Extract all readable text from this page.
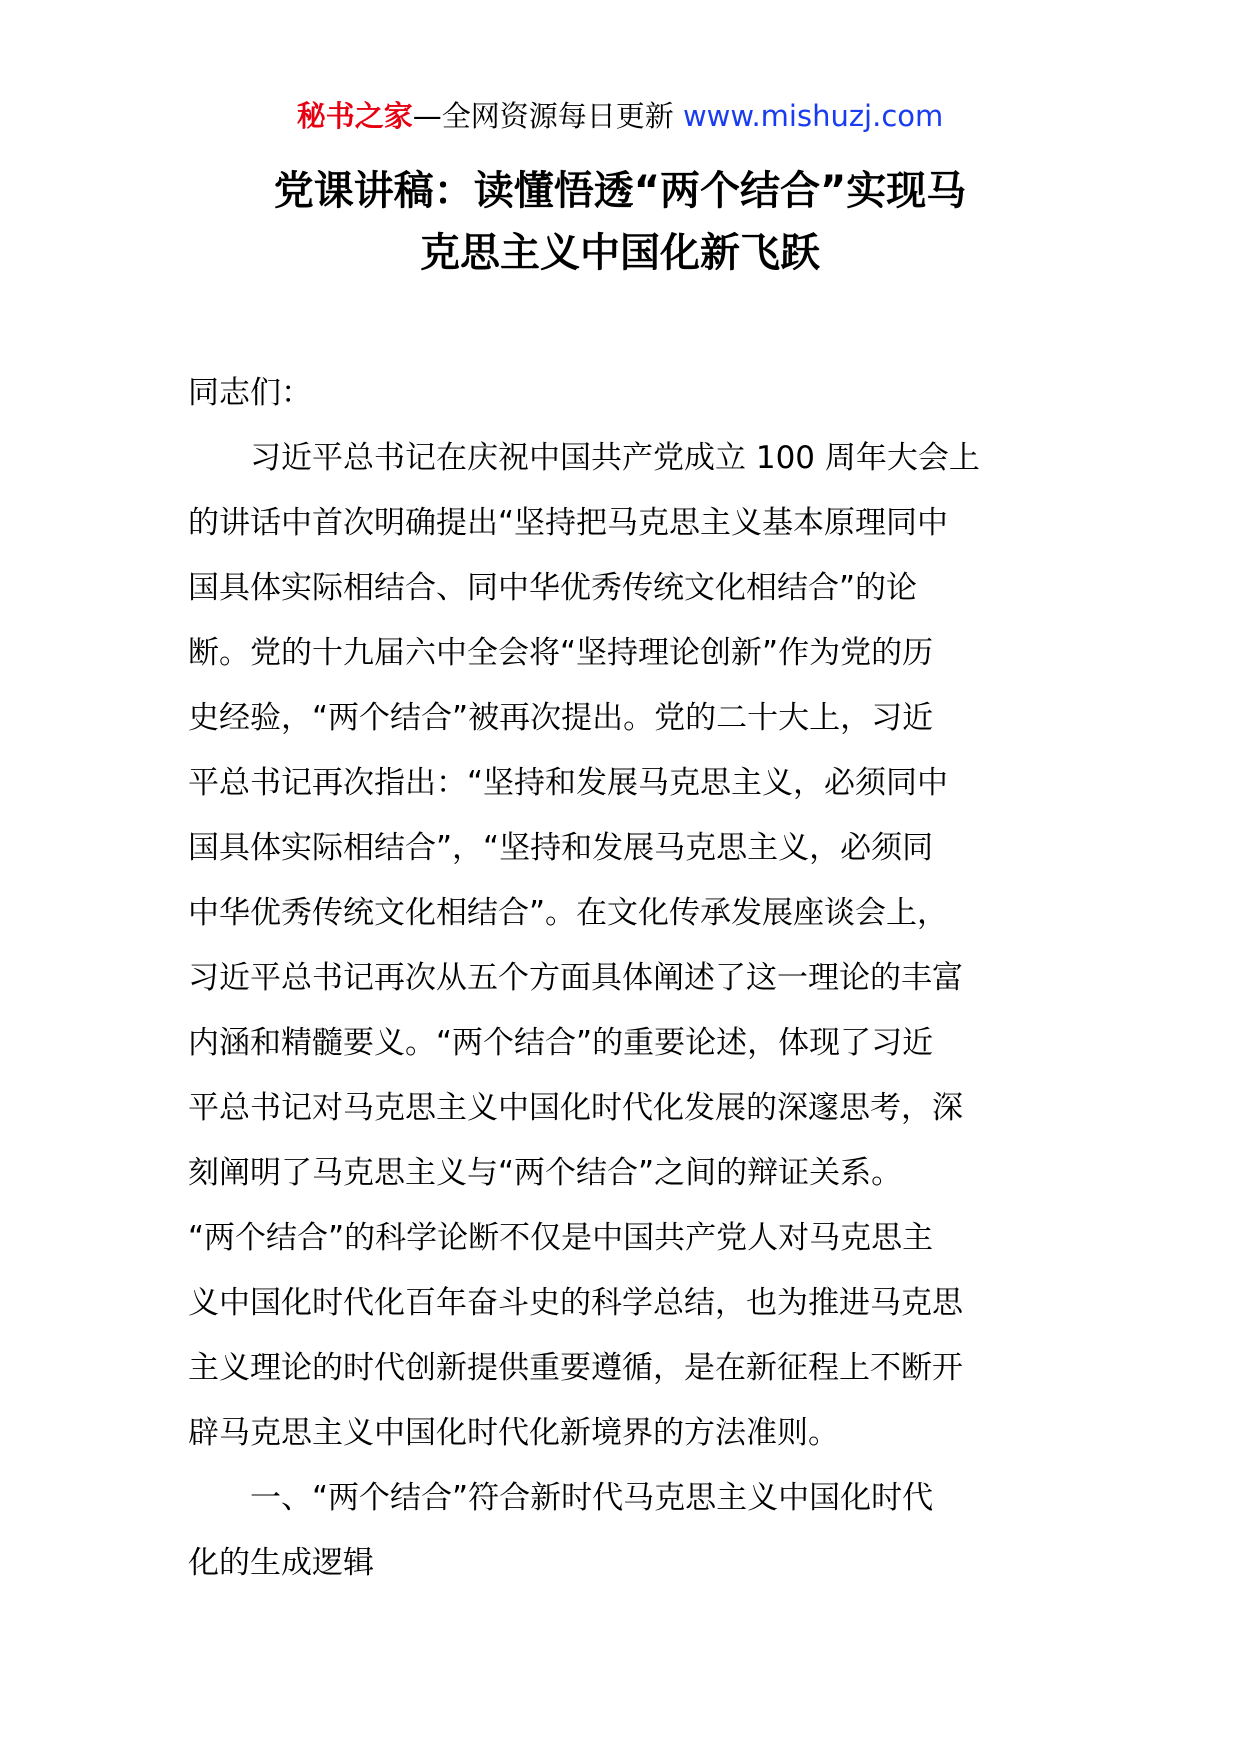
秘书之家—全网资源每日更新 www.mishuzj.com
党课讲稿：读懂悟透“两个结合”实现马
克思主义中国化新飞跃
同志们：
　　习近平总书记在庆祝中国共产党成立 100 周年大会上
的讲话中首次明确提出“坚持把马克思主义基本原理同中
国具体实际相结合、同中华优秀传统文化相结合”的论
断。党的十九届六中全会将“坚持理论创新”作为党的历
史经验，“两个结合”被再次提出。党的二十大上，习近
平总书记再次指出：“坚持和发展马克思主义，必须同中
国具体实际相结合”，“坚持和发展马克思主义，必须同
中华优秀传统文化相结合”。在文化传承发展座谈会上，
习近平总书记再次从五个方面具体阐述了这一理论的丰富
内涵和精髓要义。“两个结合”的重要论述，体现了习近
平总书记对马克思主义中国化时代化发展的深邃思考，深
刻阐明了马克思主义与“两个结合”之间的辩证关系。
“两个结合”的科学论断不仅是中国共产党人对马克思主
义中国化时代化百年奋斗史的科学总结，也为推进马克思
主义理论的时代创新提供重要遵循，是在新征程上不断开
辟马克思主义中国化时代化新境界的方法准则。
　　一、“两个结合”符合新时代马克思主义中国化时代
化的生成逻辑
